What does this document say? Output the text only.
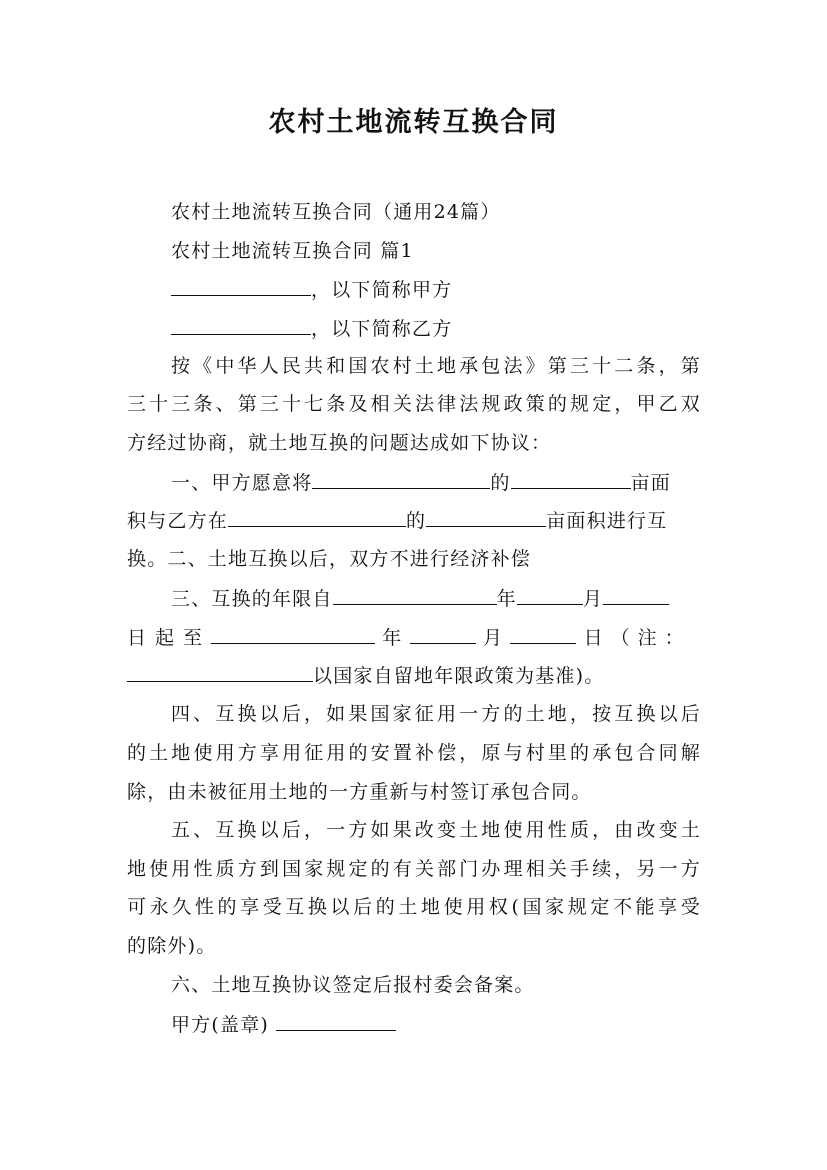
农村土地流转互换合同
农村土地流转互换合同（通用24篇）
农村土地流转互换合同 篇1
，以下简称甲方
，以下简称乙方
按《中华人民共和国农村土地承包法》第三十二条，第
三十三条、第三十七条及相关法律法规政策的规定，甲乙双
方经过协商，就土地互换的问题达成如下协议：
一、甲方愿意将	的	亩面
积与乙方在	的	亩面积进行互
换。二、土地互换以后，双方不进行经济补偿
三、互换的年限自	年	月
日起至	年	月	日（注：
以国家自留地年限政策为基准)。
四、互换以后，如果国家征用一方的土地，按互换以后
的土地使用方享用征用的安置补偿，原与村里的承包合同解
除，由未被征用土地的一方重新与村签订承包合同。
五、互换以后，一方如果改变土地使用性质，由改变土
地使用性质方到国家规定的有关部门办理相关手续，另一方
可永久性的享受互换以后的土地使用权(国家规定不能享受
的除外)。
六、土地互换协议签定后报村委会备案。
甲方(盖章)
